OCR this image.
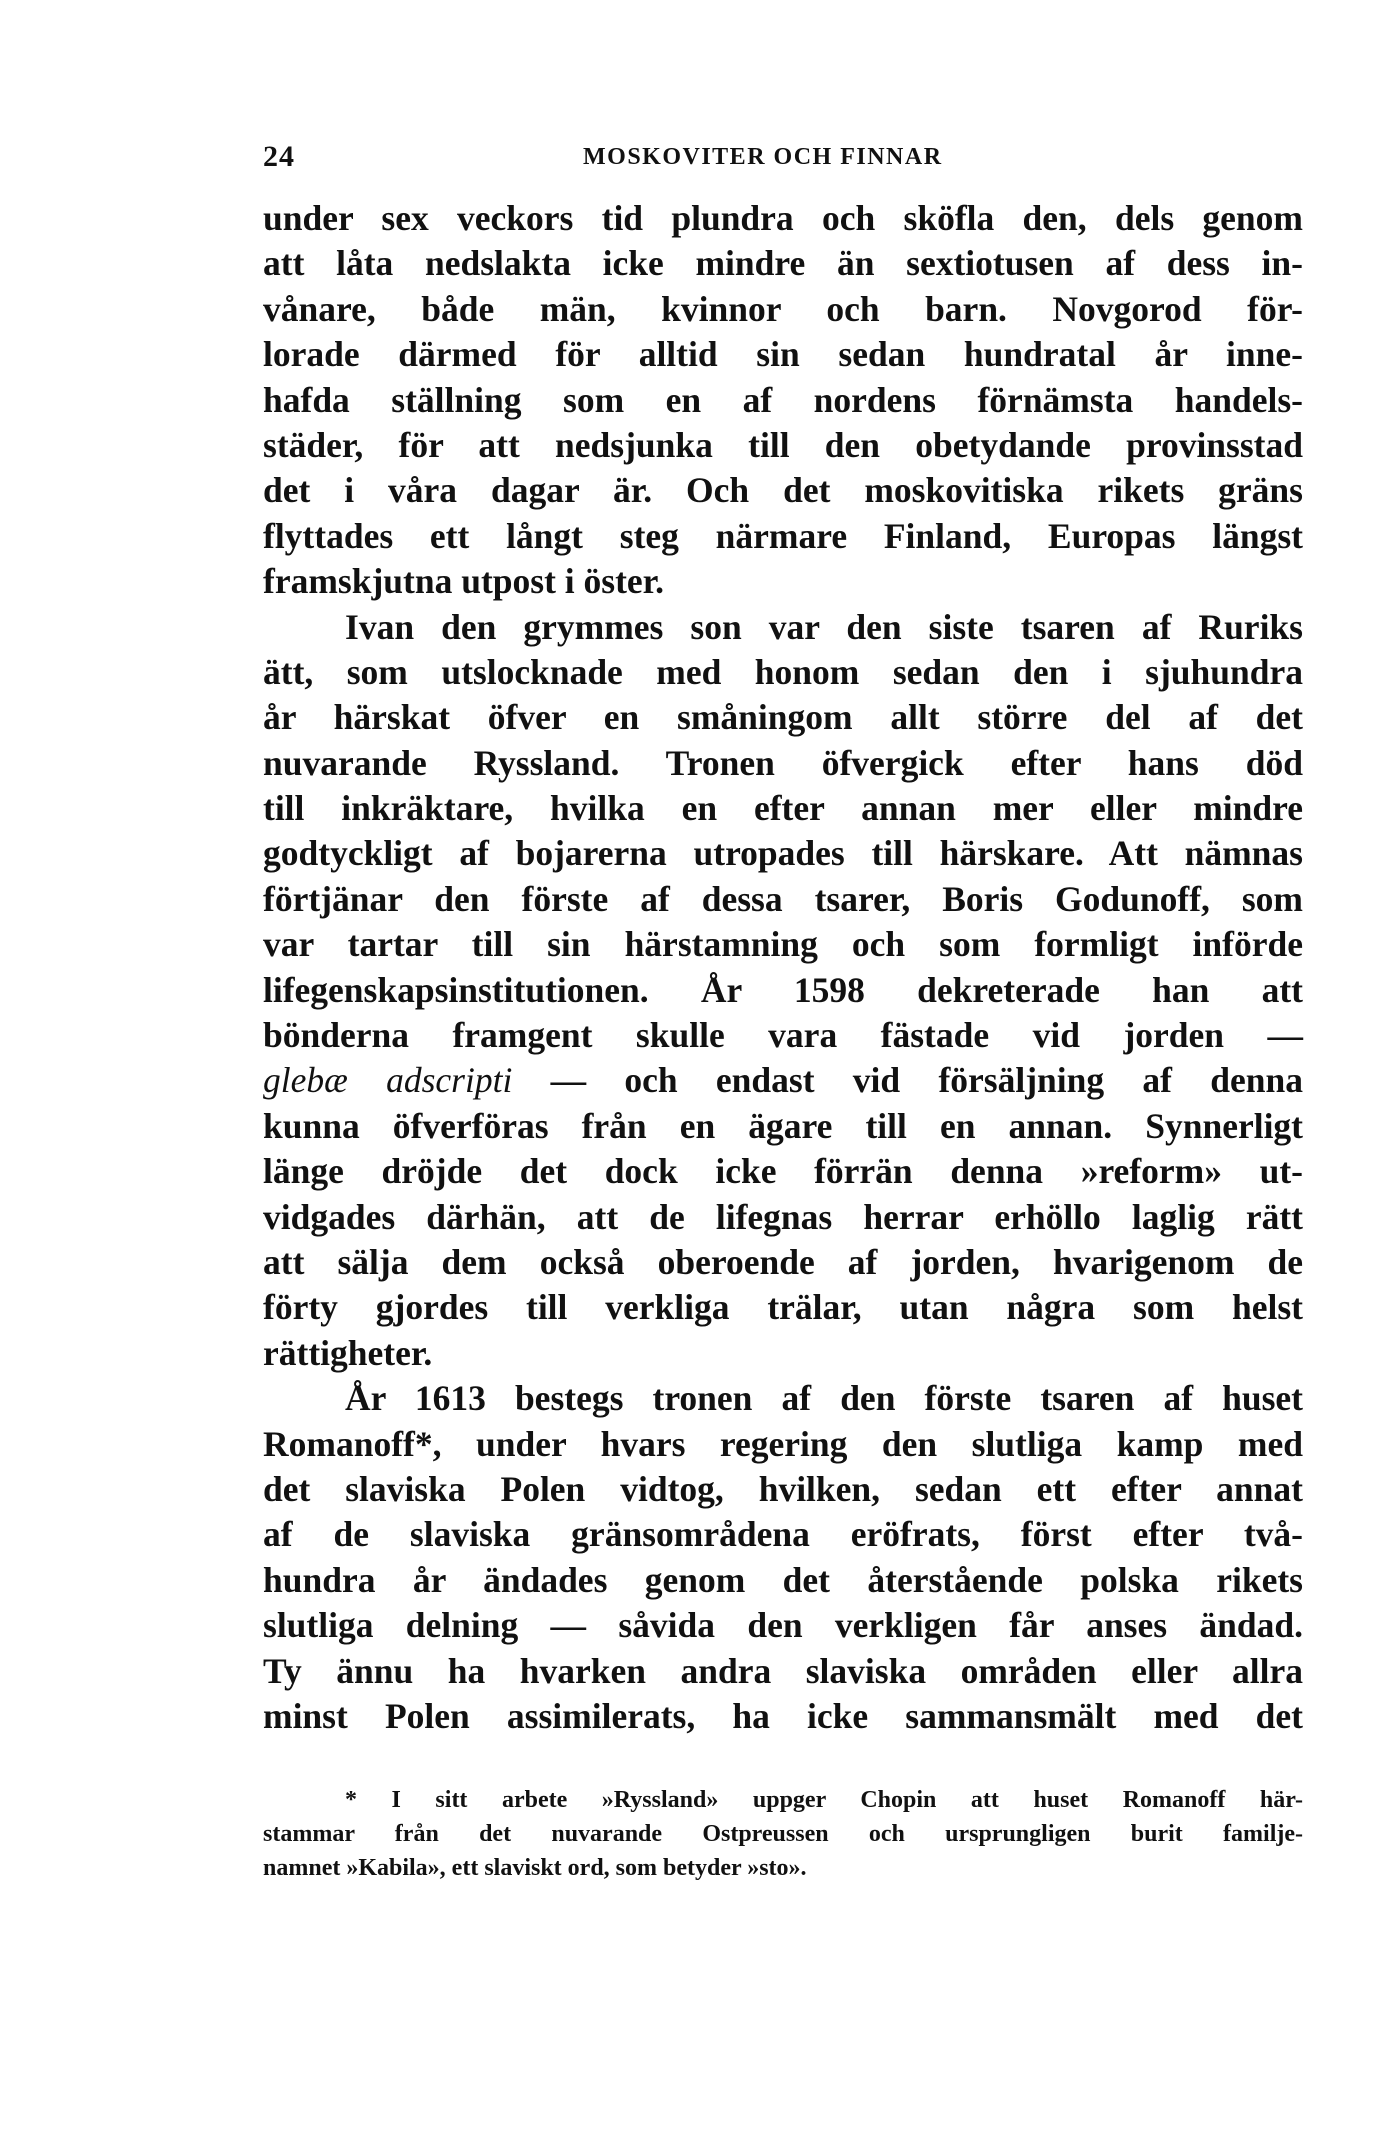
24	MOSKOVITER OCH FINNAR
under sex veckors tid plundra och sköfla den, dels genom
att låta nedslakta icke mindre än sextiotusen af dess in-
vånare, både män, kvinnor och barn. Novgorod för-
lorade därmed för alltid sin sedan hundratal år inne-
hafda ställning som en af nordens förnämsta handels-
städer, för att nedsjunka till den obetydande provinsstad
det i våra dagar är. Och det moskovitiska rikets gräns
flyttades ett långt steg närmare Finland, Europas längst
framskjutna utpost i öster.
Ivan den grymmes son var den siste tsaren af Ruriks
ätt, som utslocknade med honom sedan den i sjuhundra
år härskat öfver en småningom allt större del af det
nuvarande Ryssland. Tronen öfvergick efter hans död
till inkräktare, hvilka en efter annan mer eller mindre
godtyckligt af bojarerna utropades till härskare. Att nämnas
förtjänar den förste af dessa tsarer, Boris Godunoff, som
var tartar till sin härstamning och som formligt införde
lifegenskapsinstitutionen. År 1598 dekreterade han att
bönderna framgent skulle vara fästade vid jorden —
glebæ adscripti — och endast vid försäljning af denna
kunna öfverföras från en ägare till en annan. Synnerligt
länge dröjde det dock icke förrän denna »reform» ut-
vidgades därhän, att de lifegnas herrar erhöllo laglig rätt
att sälja dem också oberoende af jorden, hvarigenom de
förty gjordes till verkliga trälar, utan några som helst
rättigheter.
År 1613 bestegs tronen af den förste tsaren af huset
Romanoff*, under hvars regering den slutliga kamp med
det slaviska Polen vidtog, hvilken, sedan ett efter annat
af de slaviska gränsområdena eröfrats, först efter två-
hundra år ändades genom det återstående polska rikets
slutliga delning — såvida den verkligen får anses ändad.
Ty ännu ha hvarken andra slaviska områden eller allra
minst Polen assimilerats, ha icke sammansmält med det
* I sitt arbete »Ryssland» uppger Chopin att huset Romanoff här-
stammar från det nuvarande Ostpreussen och ursprungligen burit familje-
namnet »Kabila», ett slaviskt ord, som betyder »sto».
